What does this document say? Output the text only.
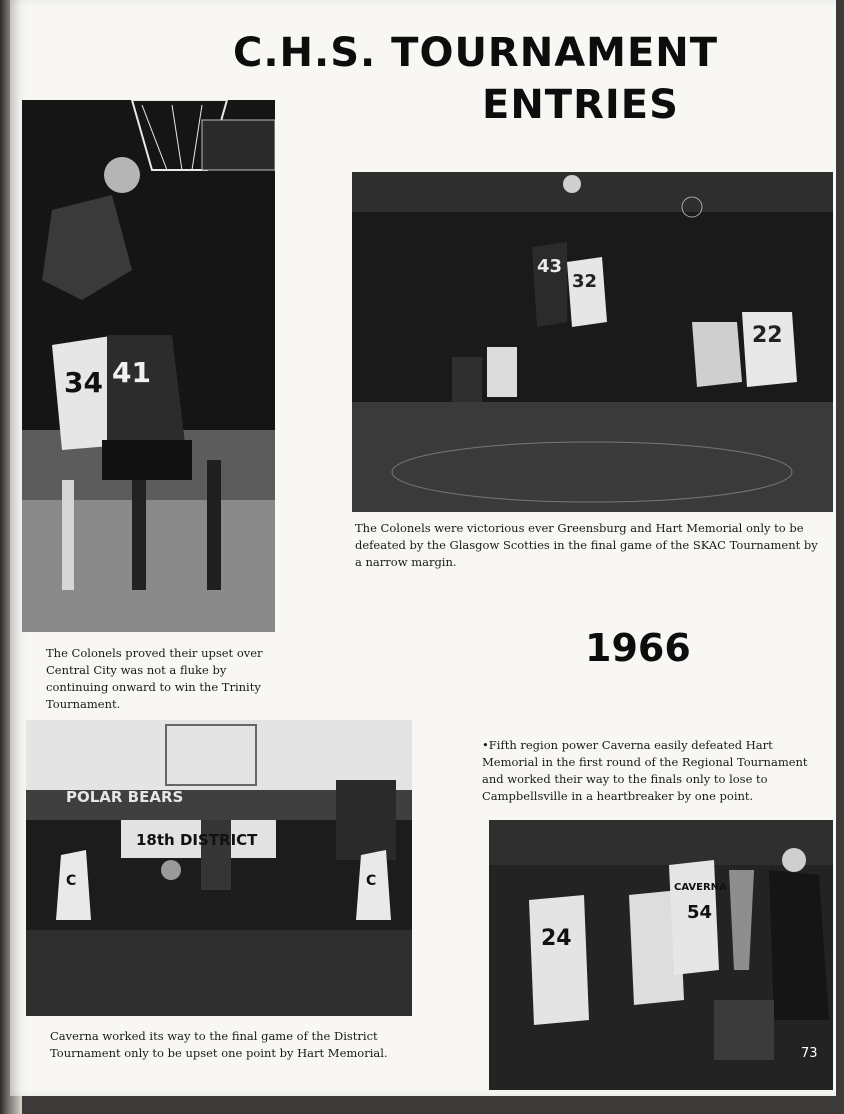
C.H.S. TOURNAMENT
ENTRIES
34 41
43
32
22
POLAR BEARS
18th DISTRICT
C	C
24
54
CAVERNA

The Colonels proved their upset over Central City was not a fluke by continuing onward to win the Trinity Tournament.

The Colonels were victorious ever Greensburg and Hart Memorial only to be defeated by the Glasgow Scotties in the final game of the SKAC Tournament by a narrow margin.

•Fifth region power Caverna easily defeated Hart Memorial in the first round of the Regional Tournament and worked their way to the finals only to lose to Campbellsville in a heartbreaker by one point.

Caverna worked its way to the final game of the District Tournament only to be upset one point by Hart Memorial.

1966
73
